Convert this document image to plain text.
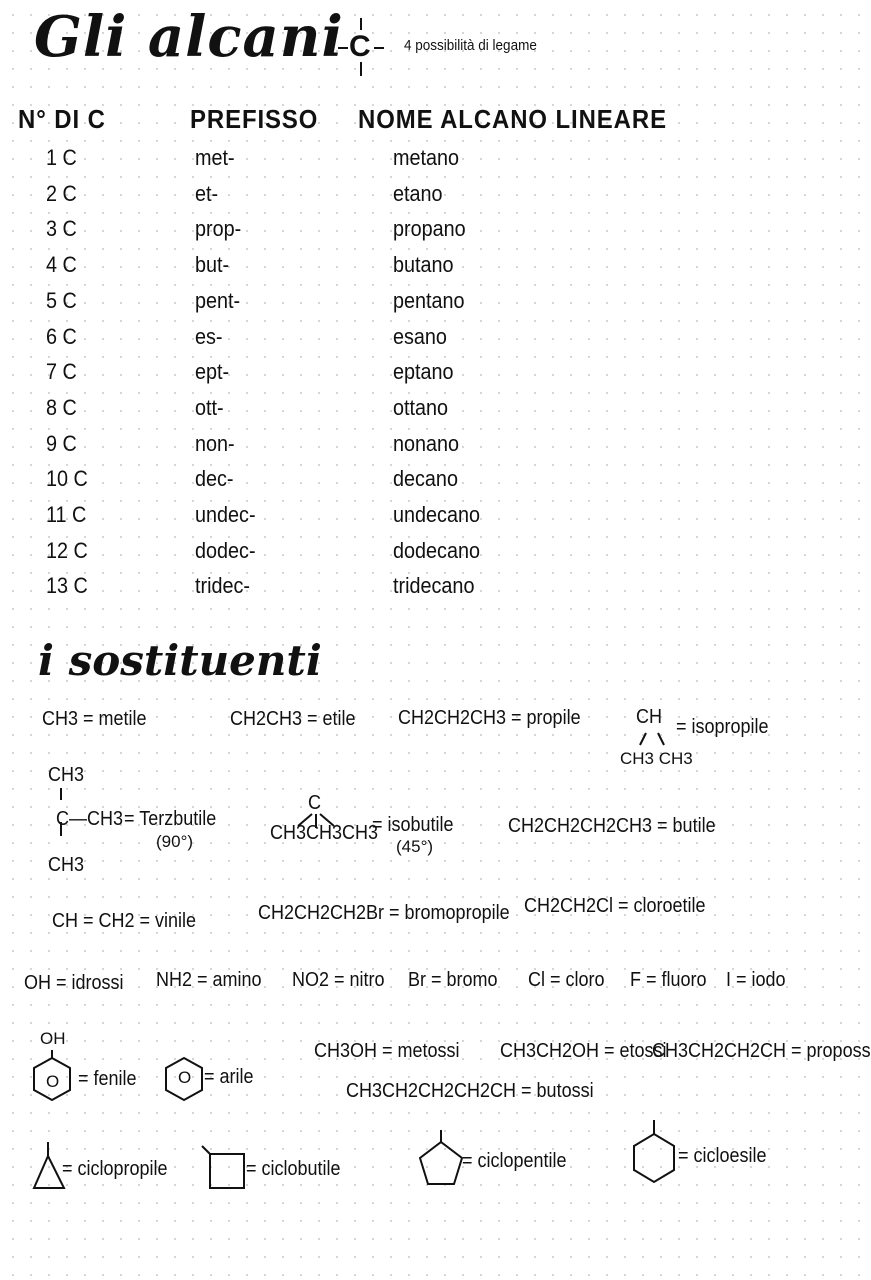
Gli alcani C 4 possibilità di legame
N° DI C	PREFISSO NOME ALCANO LINEARE
1 C	met-	metano
2 C	et-	etano
3 C	prop-	propano
4 C	but-	butano
5 C	pent-	pentano
6 C	es-	esano
7 C	ept-	eptano
8 C	ott-	ottano
9 C	non-	nonano
10 C	dec-	decano
11 C	undec-	undecano
12 C	dodec-	dodecano
13 C	tridec-	tridecano
i sostituenti
CH3 = metile	CH2CH3 = etile CH2CH2CH3 = propile	CH
CH3 CH3
= isopropile
CH3
C—CH3
CH3
= Terzbutile
(90°)
C
CH3CH3CH3
= isobutile
(45°)
CH2CH2CH2CH3 = butile
CH = CH2 = vinile	CH2CH2CH2Br = bromopropile CH2CH2Cl = cloroetile
OH = idrossi NH2 = amino NO2 = nitro Br = bromo Cl = cloro F = fluoro I = iodo
OH
O = fenile O = arile
CH3OH = metossi CH3CH2OH = etossi
CH3CH2CH2CH = proposs
CH3CH2CH2CH2CH = butossi
= ciclopropile	= ciclobutile	= ciclopentile	= cicloesile
